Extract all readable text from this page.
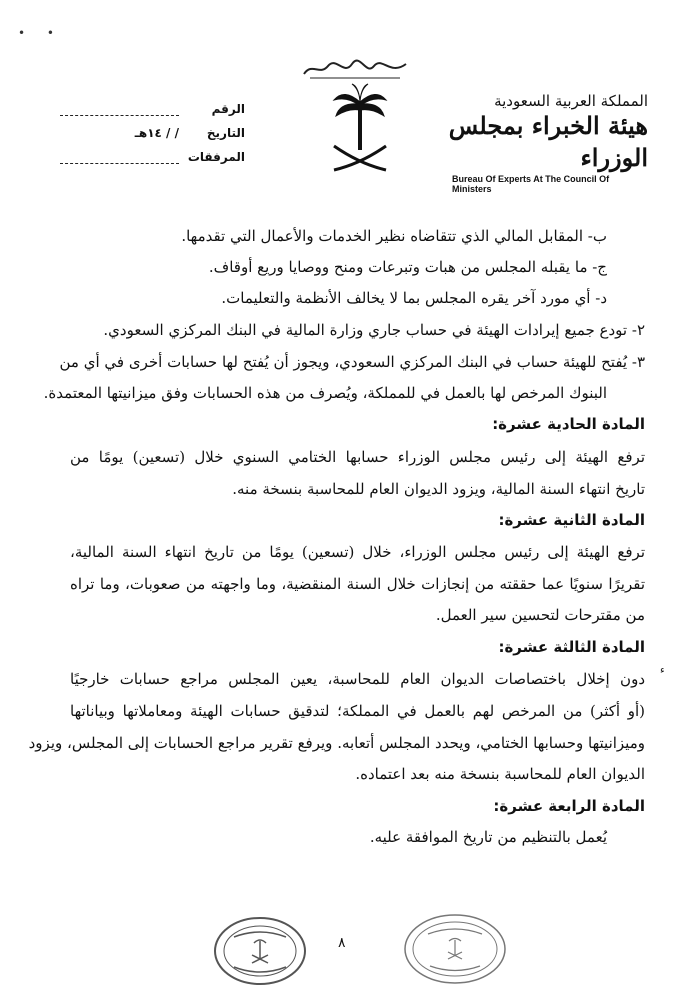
• •
الرقم
التاريخ
/ / ١٤هـ
المرفقات
المملكة العربية السعودية
هيئة الخبراء بمجلس الوزراء
Bureau Of Experts At The Council Of Ministers
ب- المقابل المالي الذي تتقاضاه نظير الخدمات والأعمال التي تقدمها.
ج- ما يقبله المجلس من هبات وتبرعات ومنح ووصايا وريع أوقاف.
د- أي مورد آخر يقره المجلس بما لا يخالف الأنظمة والتعليمات.
٢- تودع جميع إيرادات الهيئة في حساب جاري وزارة المالية في البنك المركزي السعودي.
٣- يُفتح للهيئة حساب في البنك المركزي السعودي، ويجوز أن يُفتح لها حسابات أخرى في أي من
البنوك المرخص لها بالعمل في للمملكة، ويُصرف من هذه الحسابات وفق ميزانيتها المعتمدة.
المادة الحادية عشرة:
ترفع الهيئة إلى رئيس مجلس الوزراء حسابها الختامي السنوي خلال (تسعين) يومًا من
تاريخ انتهاء السنة المالية، ويزود الديوان العام للمحاسبة بنسخة منه.
المادة الثانية عشرة:
ترفع الهيئة إلى رئيس مجلس الوزراء، خلال (تسعين) يومًا من تاريخ انتهاء السنة المالية،
تقريرًا سنويًا عما حققته من إنجازات خلال السنة المنقضية، وما واجهته من صعوبات، وما تراه
من مقترحات لتحسين سير العمل.
المادة الثالثة عشرة:
دون إخلال باختصاصات الديوان العام للمحاسبة، يعين المجلس مراجع حسابات خارجيًا
(أو أكثر) من المرخص لهم بالعمل في المملكة؛ لتدقيق حسابات الهيئة ومعاملاتها وبياناتها
وميزانيتها وحسابها الختامي، ويحدد المجلس أتعابه. ويرفع تقرير مراجع الحسابات إلى المجلس، ويزود
الديوان العام للمحاسبة بنسخة منه بعد اعتماده.
المادة الرابعة عشرة:
يُعمل بالتنظيم من تاريخ الموافقة عليه.
ﺀ
٨
